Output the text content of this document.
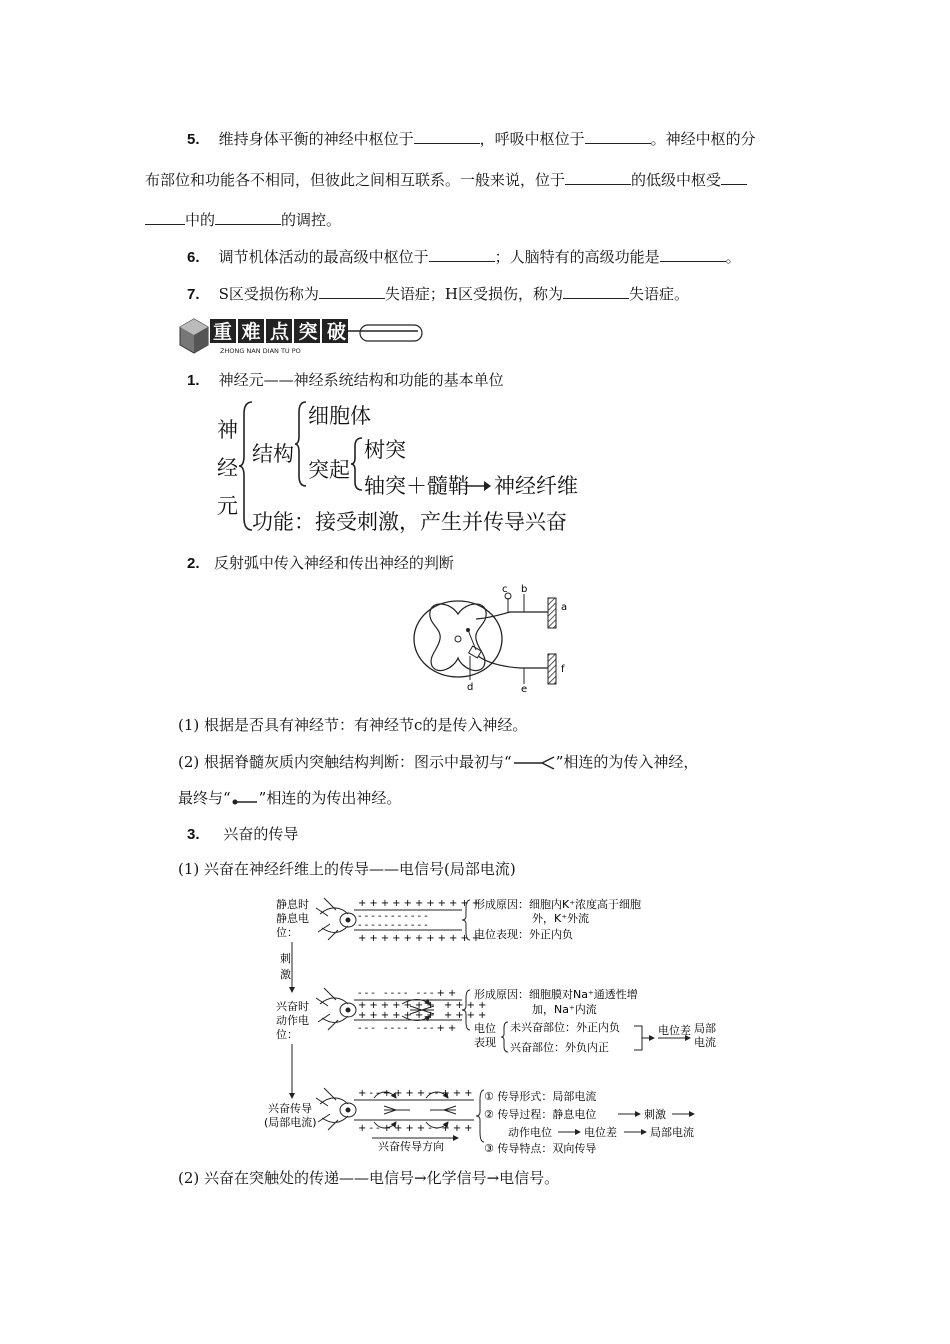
5. 维持身体平衡的神经中枢位于	，呼吸中枢位于	。神经中枢的分
布部位和功能各不相同，但彼此之间相互联系。一般来说，位于	的低级中枢受
中的	的调控。
6. 调节机体活动的最高级中枢位于	；人脑特有的高级功能是	。
7. S区受损伤称为	失语症；H区受损伤，称为	失语症。
重难点突破
ZHONG NAN DIAN TU PO
1. 神经元——神经系统结构和功能的基本单位
神
经
元
结构
细胞体
突起
树突
轴突＋髓鞘 神经纤维
功能：接受刺激，产生并传导兴奋
2. 反射弧中传入神经和传出神经的判断
c b
a
f
d	e
(1) 根据是否具有神经节：有神经节c的是传入神经。
(2) 根据脊髓灰质内突触结构判断：图示中最初与“	”相连的为传入神经，
最终与“ ”相连的为传出神经。
3. 兴奋的传导
(1) 兴奋在神经纤维上的传导——电信号(局部电流)
静息时
静息电
位：
刺
激
兴奋时
动作电
位：
兴奋传导
(局部电流)
+++++++++++
-----------
-----------
+++++++++++
形成原因：细胞内K⁺浓度高于细胞
外，K⁺外流
电位表现：外正内负
--- ---- ---++
+++++++ ++++
+++++++ ++++
--- ---- ---++
形成原因：细胞膜对Na⁺通透性增
加，Na⁺内流
电位
表现
未兴奋部位：外正内负
兴奋部位：外负内正
电位差 局部
电流
+--++++--+++
+--++++--+++
兴奋传导方向
① 传导形式：局部电流
② 传导过程：静息电位	刺激
动作电位	电位差	局部电流
③ 传导特点：双向传导
(2) 兴奋在突触处的传递——电信号→化学信号→电信号。
